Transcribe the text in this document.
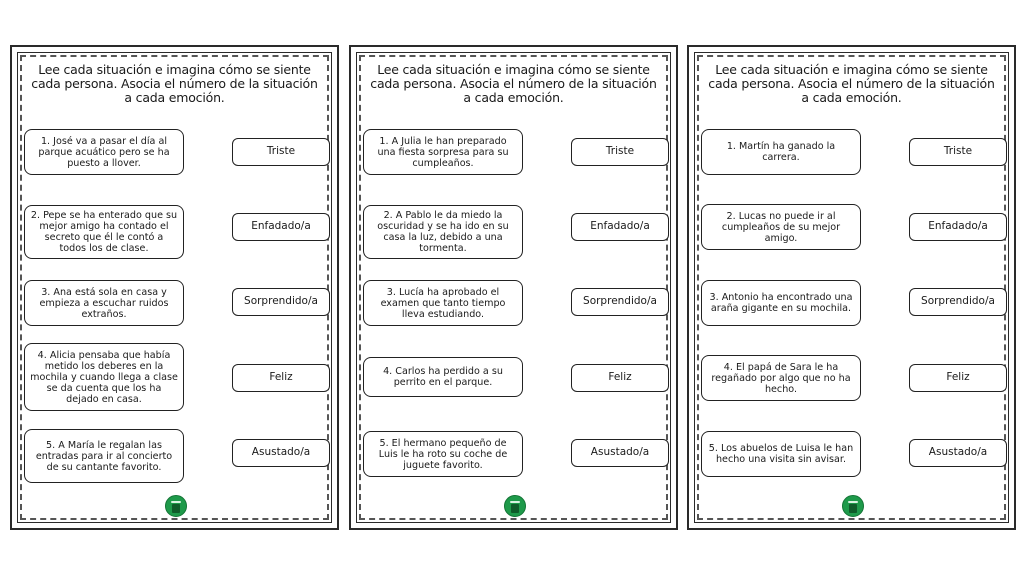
Lee cada situación e imagina cómo se siente cada persona. Asocia el número de la situación a cada emoción.
1. José va a pasar el día al parque acuático pero se ha puesto a llover.
2. Pepe se ha enterado que su mejor amigo ha contado el secreto que él le contó a todos los de clase.
3. Ana está sola en casa y empieza a escuchar ruidos extraños.
4. Alicia pensaba que había metido los deberes en la mochila y cuando llega a clase se da cuenta que los ha dejado en casa.
5. A María le regalan las entradas para ir al concierto de su cantante favorito.
Triste
Enfadado/a
Sorprendido/a
Feliz
Asustado/a
Lee cada situación e imagina cómo se siente cada persona. Asocia el número de la situación a cada emoción.
1. A Julia le han preparado una fiesta sorpresa para su cumpleaños.
2. A Pablo le da miedo la oscuridad y se ha ido en su casa la luz, debido a una tormenta.
3. Lucía ha aprobado el examen que tanto tiempo lleva estudiando.
4. Carlos ha perdido a su perrito en el parque.
5. El hermano pequeño de Luis le ha roto su coche de juguete favorito.
Triste
Enfadado/a
Sorprendido/a
Feliz
Asustado/a
Lee cada situación e imagina cómo se siente cada persona. Asocia el número de la situación a cada emoción.
1. Martín ha ganado la carrera.
2. Lucas no puede ir al cumpleaños de su mejor amigo.
3. Antonio ha encontrado una araña gigante en su mochila.
4. El papá de Sara le ha regañado por algo que no ha hecho.
5. Los abuelos de Luisa le han hecho una visita sin avisar.
Triste
Enfadado/a
Sorprendido/a
Feliz
Asustado/a
